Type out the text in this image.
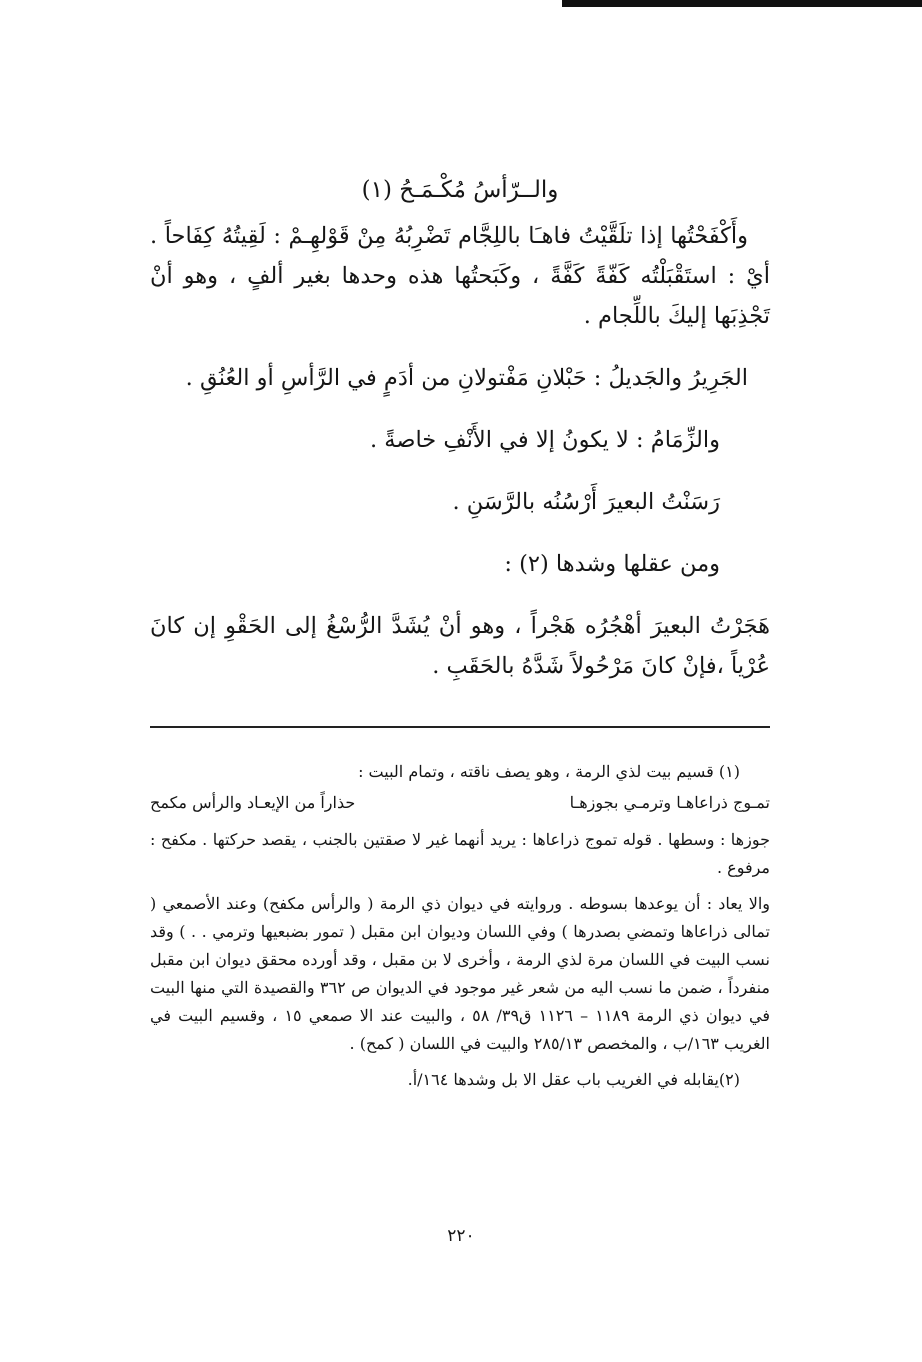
والــرّأسُ مُكْـمَـحُ (١)

وأَكْفَحْتُها إذا تلَقَّيْتُ فاهـَا باللِجَّام تَضْرِبُهُ مِنْ قَوْلهِـمْ : لَقِيتُهُ كِفَاحاً . أيْ : استَقْبَلْتُه كَفّةً كَفَّةً ، وكَبَحتُها هذه وحدها بغير ألفٍ ، وهو أنْ تَجْذِبَها إليكَ باللِّجام .

الجَرِيرُ والجَديلُ : حَبْلانِ مَفْتولانِ من أدَمٍ في الرَّأسِ أو العُنُقِ .

والزِّمَامُ : لا يكونُ إلا في الأَنْفِ خاصةً .

رَسَنْتُ البعيرَ أَرْسُنُه بالرَّسَنِ .

ومن عقلها وشدها (٢) :

هَجَرْتُ البعيرَ أهْجُرُه هَجْراً ، وهو أنْ يُشَدَّ الرُّسْغُ إلى الحَقْوِ إن كانَ عُرْياً ،فإنْ كانَ مَرْحُولاً شَدَّهُ بالحَقَبِ .

(١) قسيم بيت لذي الرمة ، وهو يصف ناقته ، وتمام البيت :

تمـوج ذراعاهـا وترمـي بجوزهـا
حذاراً من الإيعـاد والرأس مكمح

جوزها : وسطها . قوله تموج ذراعاها : يريد أنهما غير لا صقتين بالجنب ، يقصد حركتها . مكفح : مرفوع .

والا يعاد : أن يوعدها بسوطه . وروايته في ديوان ذي الرمة ( والرأس مكفح) وعند الأصمعي ( تمالى ذراعاها وتمضي بصدرها ) وفي اللسان وديوان ابن مقبل ( تمور بضبعيها وترمي . . ) وقد نسب البيت في اللسان مرة لذي الرمة ، وأخرى لا بن مقبل ، وقد أورده محقق ديوان ابن مقبل منفرداً ، ضمن ما نسب اليه من شعر غير موجود في الديوان ص ٣٦٢ والقصيدة التي منها البيت في ديوان ذي الرمة ١١٨٩ – ١١٢٦ ق٣٩/ ٥٨ ، والبيت عند الا صمعي ١٥ ، وقسيم البيت في الغريب ١٦٣/ب ، والمخصص ٢٨٥/١٣ والبيت في اللسان ( كمح) .

(٢)يقابله في الغريب باب عقل الا بل وشدها ١٦٤/أ.

٢٢٠
